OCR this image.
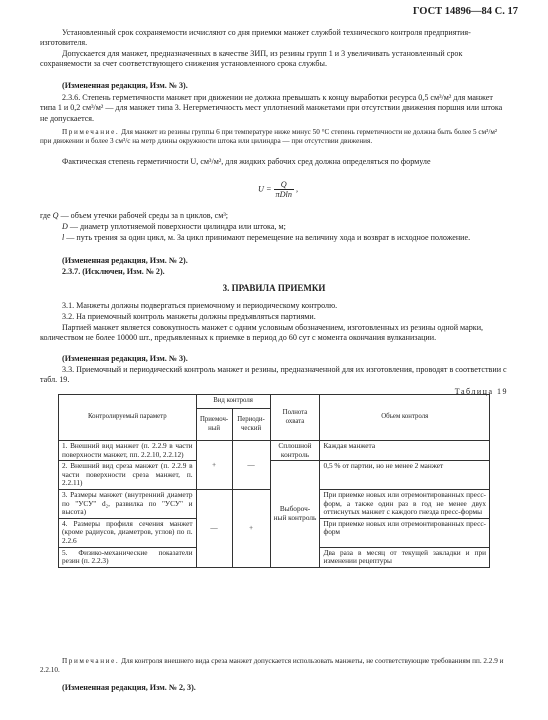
ГОСТ 14896—84 С. 17
Установленный срок сохраняемости исчисляют со дня приемки манжет службой технического контроля предприятия-изготовителя.
Допускается для манжет, предназначенных в качестве ЗИП, из резины групп 1 и 3 увеличивать установленный срок сохраняемости за счет соответствующего снижения установленного срока службы.
(Измененная редакция, Изм. № 3).
2.3.6. Степень герметичности манжет при движении не должна превышать к концу выработки ресурса 0,5 см³/м² для манжет типа 1 и 0,2 см³/м² — для манжет типа 3. Негерметичность мест уплотнений манжетами при отсутствии движения поршня или штока не допускается.
Примечание. Для манжет из резины группы 6 при температуре ниже минус 50 °С степень герметичности не должна быть более 5 см³/м² при движении и более 3 см³/с на метр длины окружности штока или цилиндра — при отсутствии движения.
Фактическая степень герметичности U, см³/м², для жидких рабочих сред должна определяться по формуле
$U = \frac{Q}{\pi Dln}$ ,
где Q — объем утечки рабочей среды за n циклов, см³;
D — диаметр уплотняемой поверхности цилиндра или штока, м;
l — путь трения за один цикл, м. За цикл принимают перемещение на величину хода и возврат в исходное положение.
(Измененная редакция, Изм. № 2).
2.3.7. (Исключен, Изм. № 2).
3. ПРАВИЛА ПРИЕМКИ
3.1. Манжеты должны подвергаться приемочному и периодическому контролю.
3.2. На приемочный контроль манжеты должны предъявляться партиями.
Партией манжет является совокупность манжет с одним условным обозначением, изготовленных из резины одной марки, количеством не более 10000 шт., предъявленных к приемке в период до 60 сут с момента окончания вулканизации.
(Измененная редакция, Изм. № 3).
3.3. Приемочный и периодический контроль манжет и резины, предназначенной для их изготовления, проводят в соответствии с табл. 19.
Таблица 19
Контролируемый параметр	Вид контроля		Полнота охвата	Объем контроля
	Приемоч-ный	Периоди-ческий		
1. Внешний вид манжет (п. 2.2.9 в части поверхности манжет, пп. 2.2.10, 2.2.12)	+	—	Сплошной контроль	Каждая манжета
2. Внешний вид среза манжет (п. 2.2.9 в части поверхности среза манжет, п. 2.2.11)			Выбороч-ный контроль	0,5 % от партии, но не менее 2 манжет
3. Размеры манжет (внутренний диаметр по "УСУ" d₂, развилка по "УСУ" и высота)	—	+		При приемке новых или отремонтированных пресс-форм, а также один раз в год не менее двух оттиснутых манжет с каждого гнезда пресс-формы
4. Размеры профиля сечения манжет (кроме радиусов, диаметров, углов) по п. 2.2.6				При приемке новых или отремонтированных пресс-форм
5. Физико-механические показатели резин (п. 2.2.3)				Два раза в месяц от текущей закладки и при изменении рецептуры
Примечание. Для контроля внешнего вида среза манжет допускается использовать манжеты, не соответствующие требованиям пп. 2.2.9 и 2.2.10.
(Измененная редакция, Изм. № 2, 3).
